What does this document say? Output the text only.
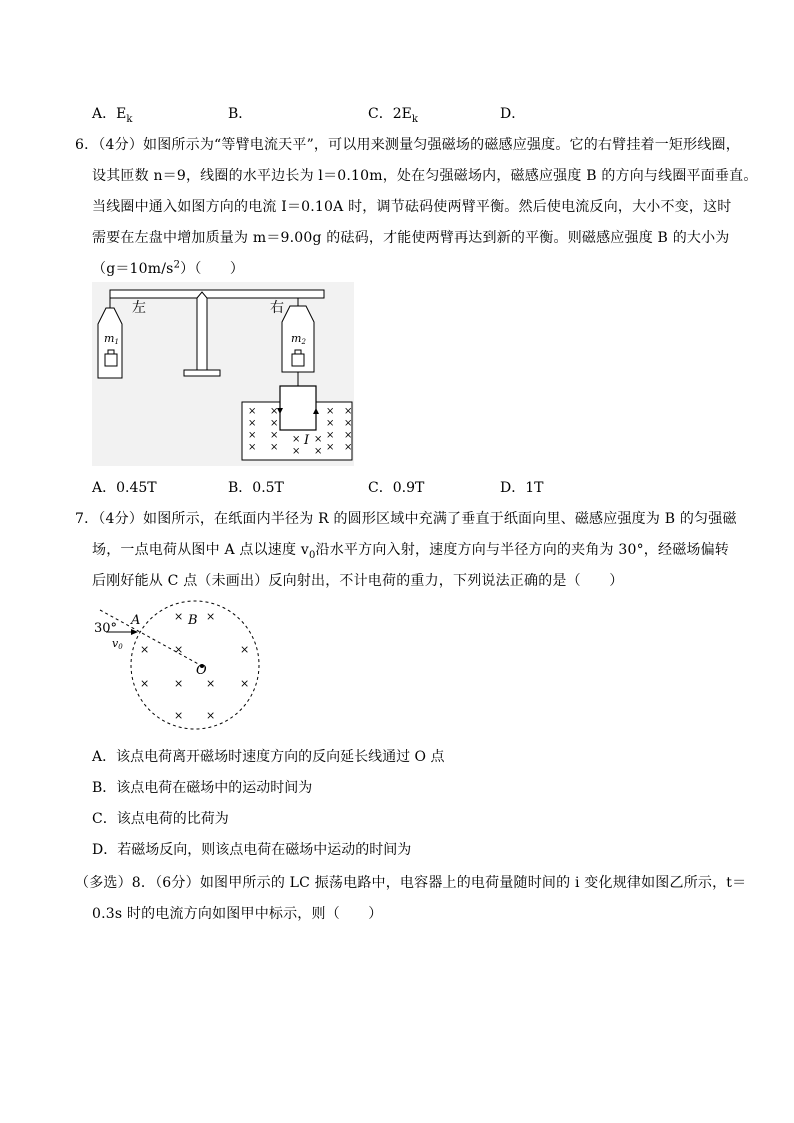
A．$E_k$	B．	C．$2E_k$	D．
6．（4分）如图所示为“等臂电流天平”，可以用来测量匀强磁场的磁感应强度。它的右臂挂着一矩形线圈，
设其匝数 n＝9，线圈的水平边长为 l＝0.10m，处在匀强磁场内，磁感应强度 B 的方向与线圈平面垂直。
当线圈中通入如图方向的电流 I＝0.10A 时，调节砝码使两臂平衡。然后使电流反向，大小不变，这时
需要在左盘中增加质量为 m＝9.00g 的砝码，才能使两臂再达到新的平衡。则磁感应强度 B 的大小为
$(g=10m/s^2)$（　　）
左	右
m1	m2
I
×
×
×
×
×
×
×
×
×
×
×
×
×
×
×
×
×
×
×
×
A．0.45T	B．0.5T	C．0.9T	D．1T
7．（4分）如图所示，在纸面内半径为 R 的圆形区域中充满了垂直于纸面向里、磁感应强度为 B 的匀强磁
场，一点电荷从图中 A 点以速度 $v_0$沿水平方向入射，速度方向与半径方向的夹角为 30°，经磁场偏转
后刚好能从 C 点（未画出）反向射出，不计电荷的重力，下列说法正确的是（　　）
30°
A	B
O
v0
× ×
× ×	×
× × × ×
× ×
A．该点电荷离开磁场时速度方向的反向延长线通过 O 点
B．该点电荷在磁场中的运动时间为
C．该点电荷的比荷为
D．若磁场反向，则该点电荷在磁场中运动的时间为
（多选）8．（6分）如图甲所示的 LC 振荡电路中，电容器上的电荷量随时间的 i 变化规律如图乙所示，t＝
0.3s 时的电流方向如图甲中标示，则（　　）
